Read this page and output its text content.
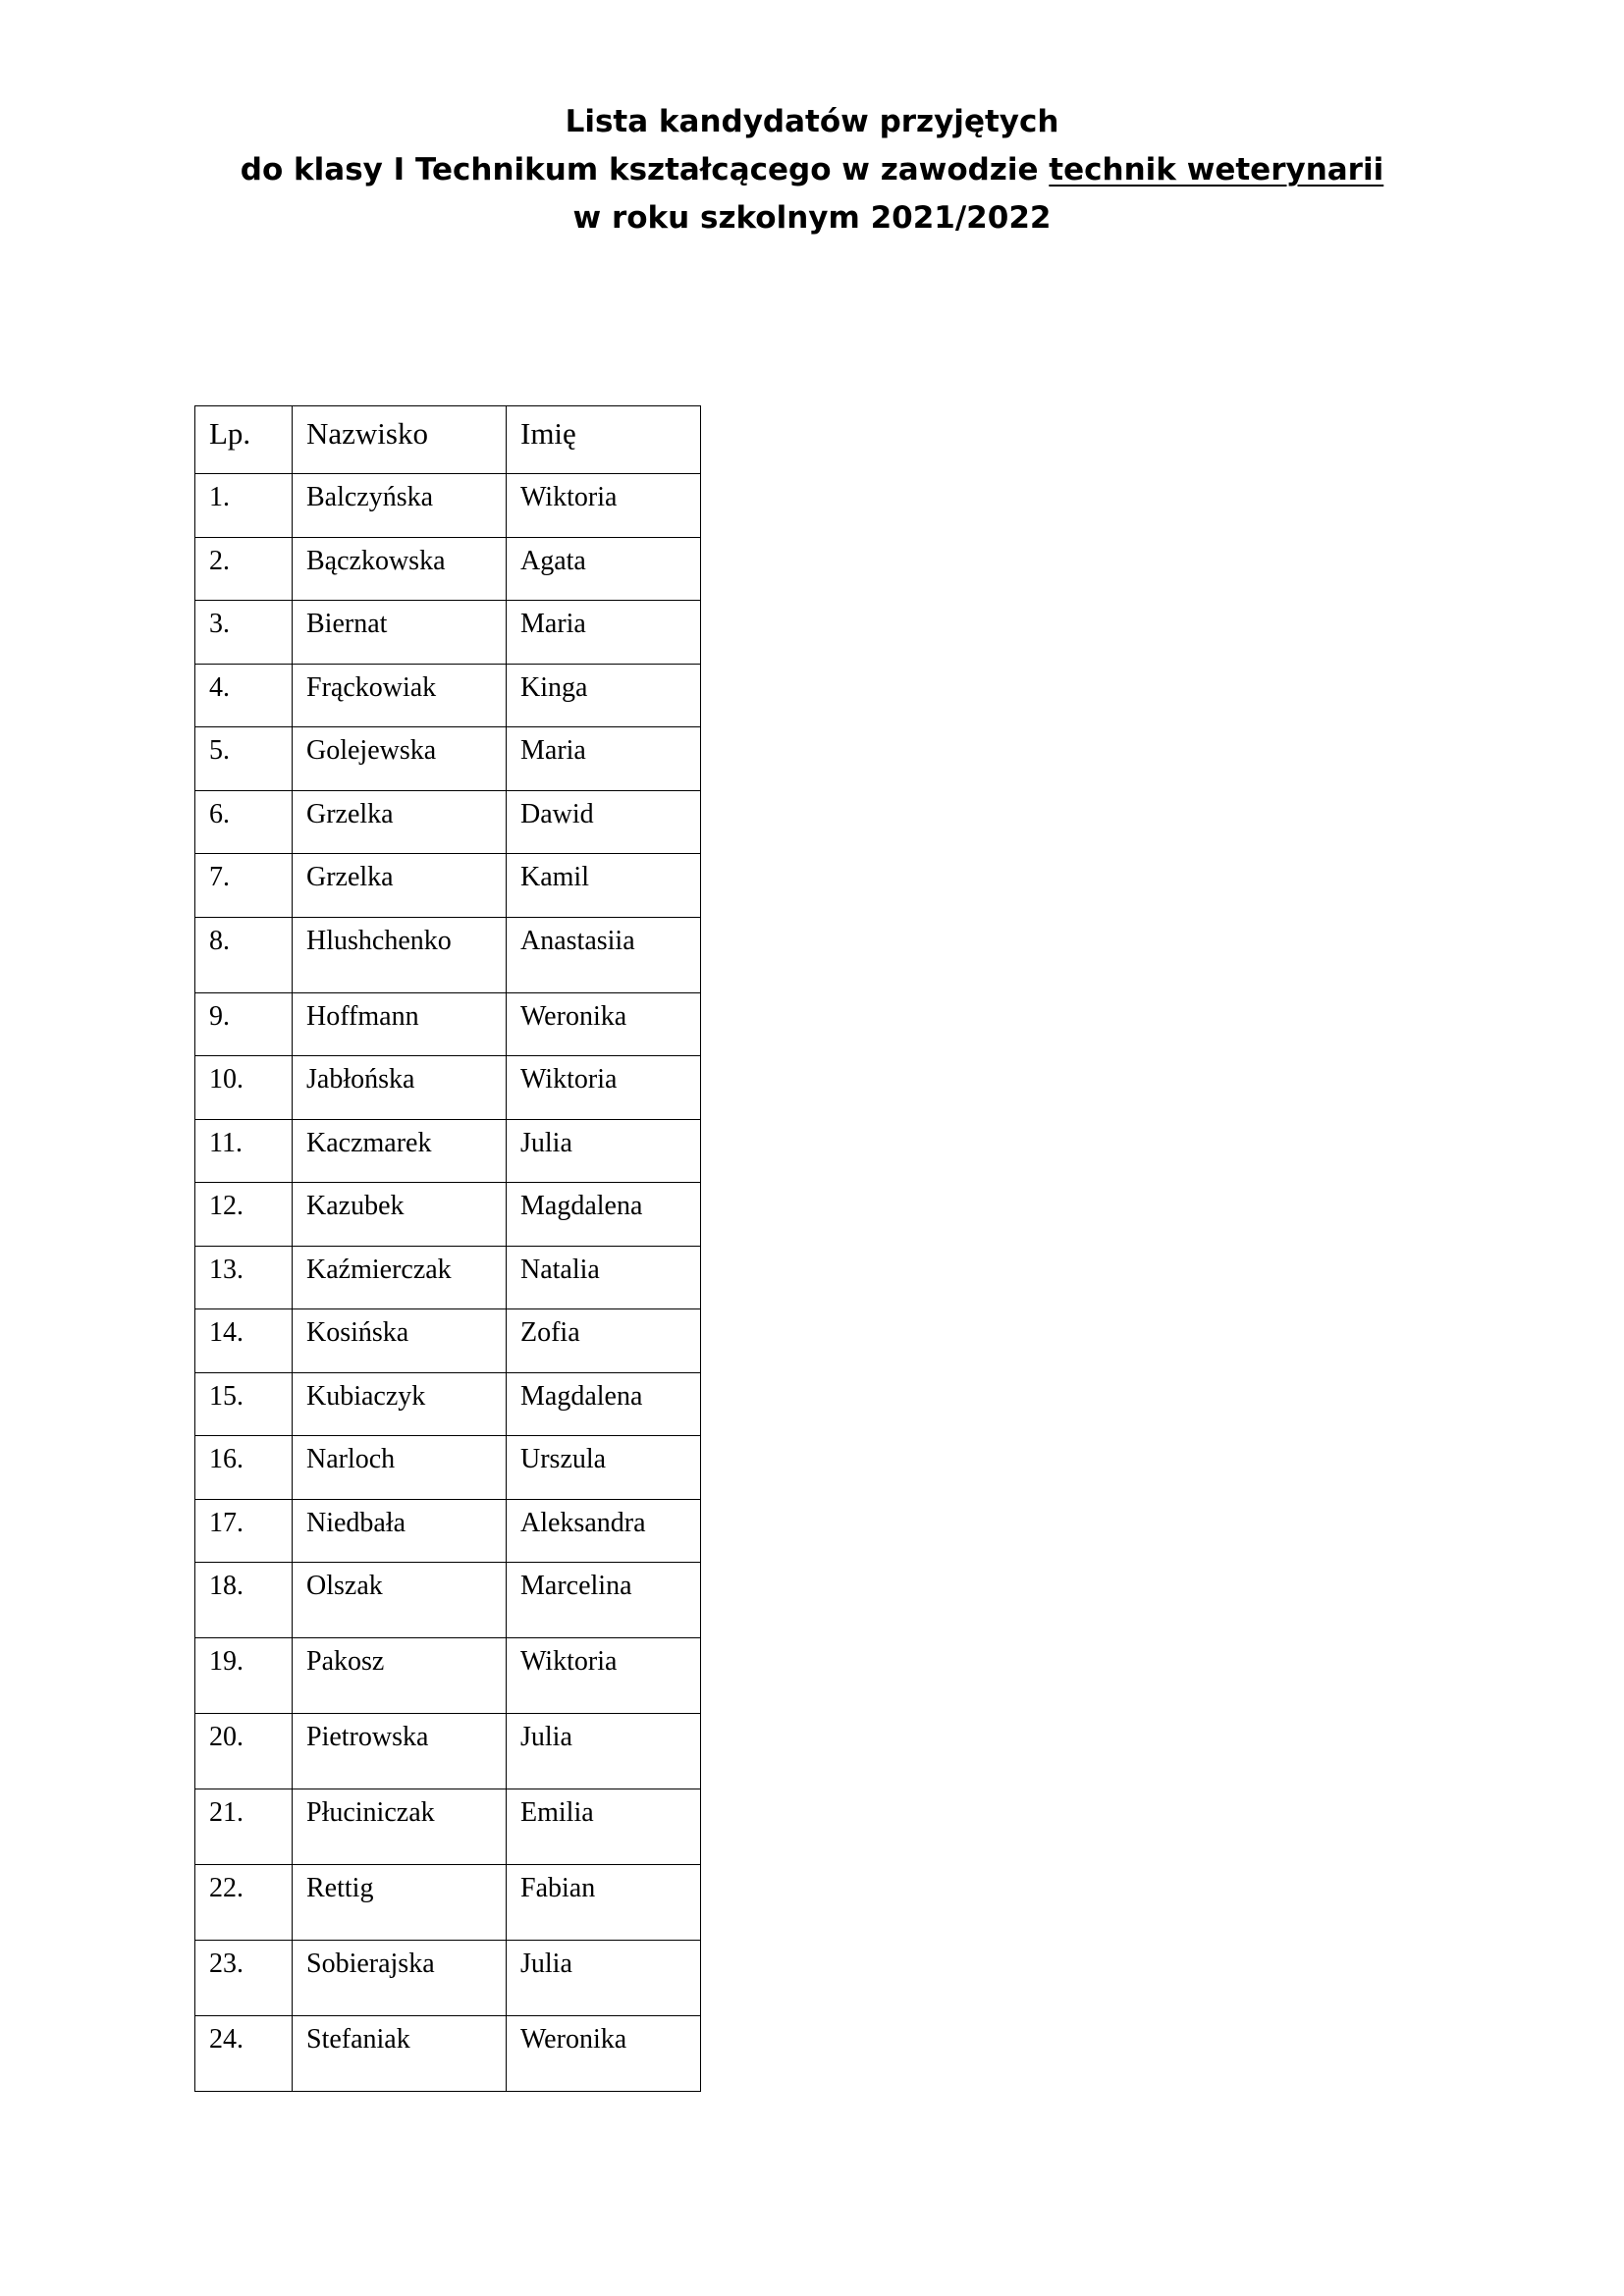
Lista kandydatów przyjętych
do klasy I Technikum kształcącego w zawodzie technik weterynarii
w roku szkolnym 2021/2022
Lp.	Nazwisko	Imię
1.	Balczyńska	Wiktoria
2.	Bączkowska	Agata
3.	Biernat	Maria
4.	Frąckowiak	Kinga
5.	Golejewska	Maria
6.	Grzelka	Dawid
7.	Grzelka	Kamil
8.	Hlushchenko	Anastasiia
9.	Hoffmann	Weronika
10.	Jabłońska	Wiktoria
11.	Kaczmarek	Julia
12.	Kazubek	Magdalena
13.	Kaźmierczak	Natalia
14.	Kosińska	Zofia
15.	Kubiaczyk	Magdalena
16.	Narloch	Urszula
17.	Niedbała	Aleksandra
18.	Olszak	Marcelina
19.	Pakosz	Wiktoria
20.	Pietrowska	Julia
21.	Płuciniczak	Emilia
22.	Rettig	Fabian
23.	Sobierajska	Julia
24.	Stefaniak	Weronika
